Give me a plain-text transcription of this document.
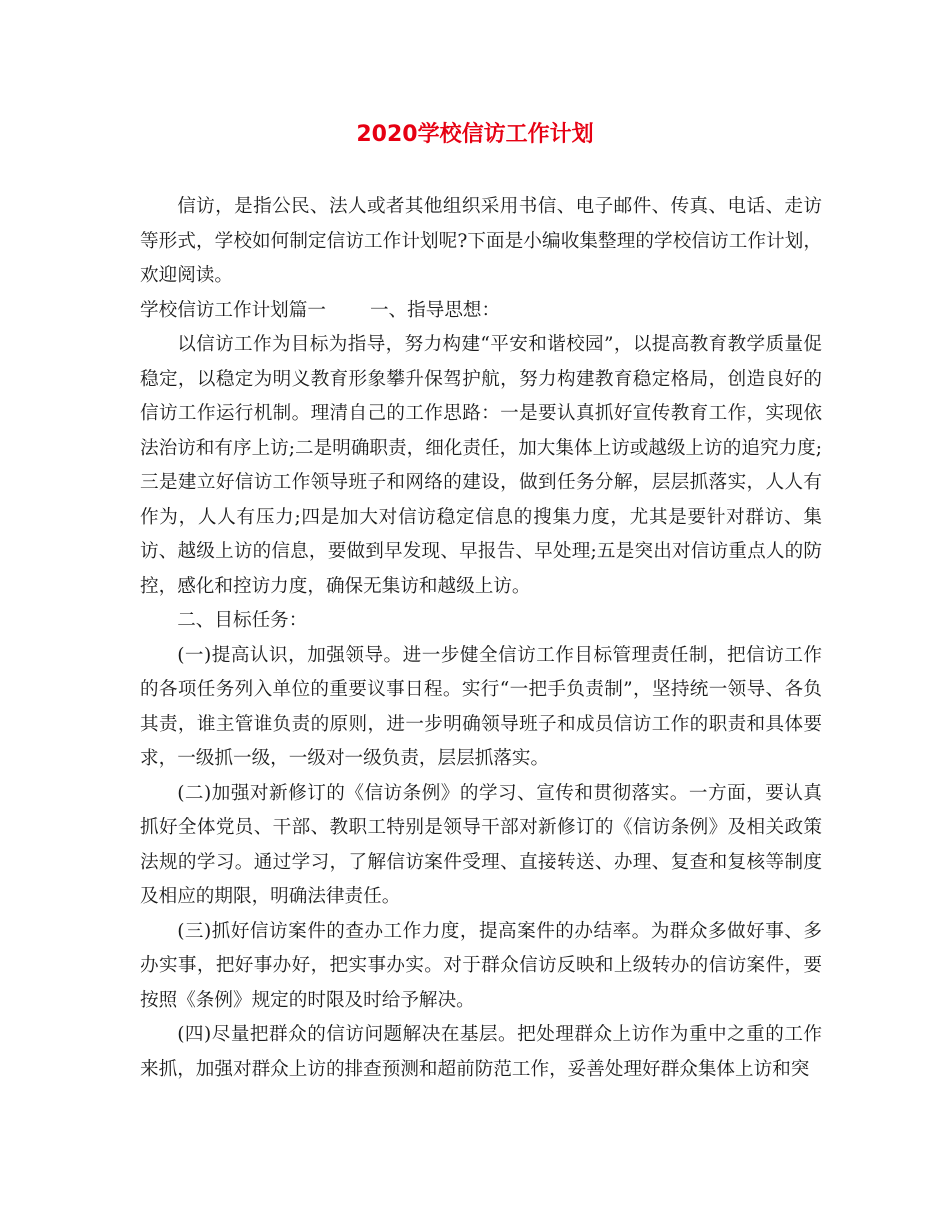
2020学校信访工作计划

信访，是指公民、法人或者其他组织采用书信、电子邮件、传真、电话、走访等形式，学校如何制定信访工作计划呢?下面是小编收集整理的学校信访工作计划，欢迎阅读。

学校信访工作计划篇一 一、指导思想：

以信访工作为目标为指导，努力构建“平安和谐校园”，以提高教育教学质量促稳定，以稳定为明义教育形象攀升保驾护航，努力构建教育稳定格局，创造良好的信访工作运行机制。理清自己的工作思路：一是要认真抓好宣传教育工作，实现依法治访和有序上访;二是明确职责，细化责任，加大集体上访或越级上访的追究力度;三是建立好信访工作领导班子和网络的建设，做到任务分解，层层抓落实，人人有作为，人人有压力;四是加大对信访稳定信息的搜集力度，尤其是要针对群访、集访、越级上访的信息，要做到早发现、早报告、早处理;五是突出对信访重点人的防控，感化和控访力度，确保无集访和越级上访。

二、目标任务：

(一)提高认识，加强领导。进一步健全信访工作目标管理责任制，把信访工作的各项任务列入单位的重要议事日程。实行“一把手负责制”，坚持统一领导、各负其责，谁主管谁负责的原则，进一步明确领导班子和成员信访工作的职责和具体要求，一级抓一级，一级对一级负责，层层抓落实。

(二)加强对新修订的《信访条例》的学习、宣传和贯彻落实。一方面，要认真抓好全体党员、干部、教职工特别是领导干部对新修订的《信访条例》及相关政策法规的学习。通过学习，了解信访案件受理、直接转送、办理、复查和复核等制度及相应的期限，明确法律责任。

(三)抓好信访案件的查办工作力度，提高案件的办结率。为群众多做好事、多办实事，把好事办好，把实事办实。对于群众信访反映和上级转办的信访案件，要按照《条例》规定的时限及时给予解决。

(四)尽量把群众的信访问题解决在基层。把处理群众上访作为重中之重的工作来抓，加强对群众上访的排查预测和超前防范工作，妥善处理好群众集体上访和突
